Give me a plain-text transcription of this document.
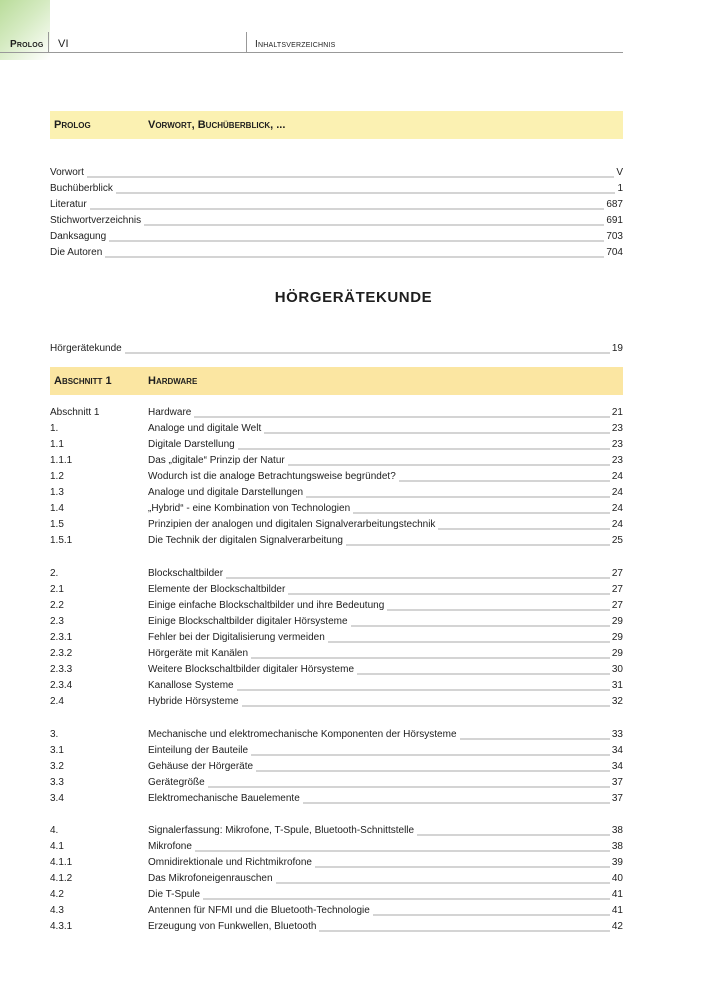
Prolog VI	Inhaltsverzeichnis
Prolog	Vorwort, Buchüberblick, ...
Vorwort	V
Buchüberblick	1
Literatur	687
Stichwortverzeichnis	691
Danksagung	703
Die Autoren	704
HÖRGERÄTEKUNDE
Hörgerätekunde	19
Abschnitt 1	Hardware
Abschnitt 1	Hardware	21
1.	Analoge und digitale Welt	23
1.1	Digitale Darstellung	23
1.1.1	Das „digitale“ Prinzip der Natur	23
1.2	Wodurch ist die analoge Betrachtungsweise begründet?	24
1.3	Analoge und digitale Darstellungen	24
1.4	„Hybrid“ - eine Kombination von Technologien	24
1.5	Prinzipien der analogen und digitalen Signalverarbeitungstechnik	24
1.5.1	Die Technik der digitalen Signalverarbeitung	25
2.	Blockschaltbilder	27
2.1	Elemente der Blockschaltbilder	27
2.2	Einige einfache Blockschaltbilder und ihre Bedeutung	27
2.3	Einige Blockschaltbilder digitaler Hörsysteme	29
2.3.1	Fehler bei der Digitalisierung vermeiden	29
2.3.2	Hörgeräte mit Kanälen	29
2.3.3	Weitere Blockschaltbilder digitaler Hörsysteme	30
2.3.4	Kanallose Systeme	31
2.4	Hybride Hörsysteme	32
3.	Mechanische und elektromechanische Komponenten der Hörsysteme	33
3.1	Einteilung der Bauteile	34
3.2	Gehäuse der Hörgeräte	34
3.3	Gerätegröße	37
3.4	Elektromechanische Bauelemente	37
4.	Signalerfassung: Mikrofone, T-Spule, Bluetooth-Schnittstelle	38
4.1	Mikrofone	38
4.1.1	Omnidirektionale und Richtmikrofone	39
4.1.2	Das Mikrofoneigenrauschen	40
4.2	Die T-Spule	41
4.3	Antennen für NFMI und die Bluetooth-Technologie	41
4.3.1	Erzeugung von Funkwellen, Bluetooth	42
